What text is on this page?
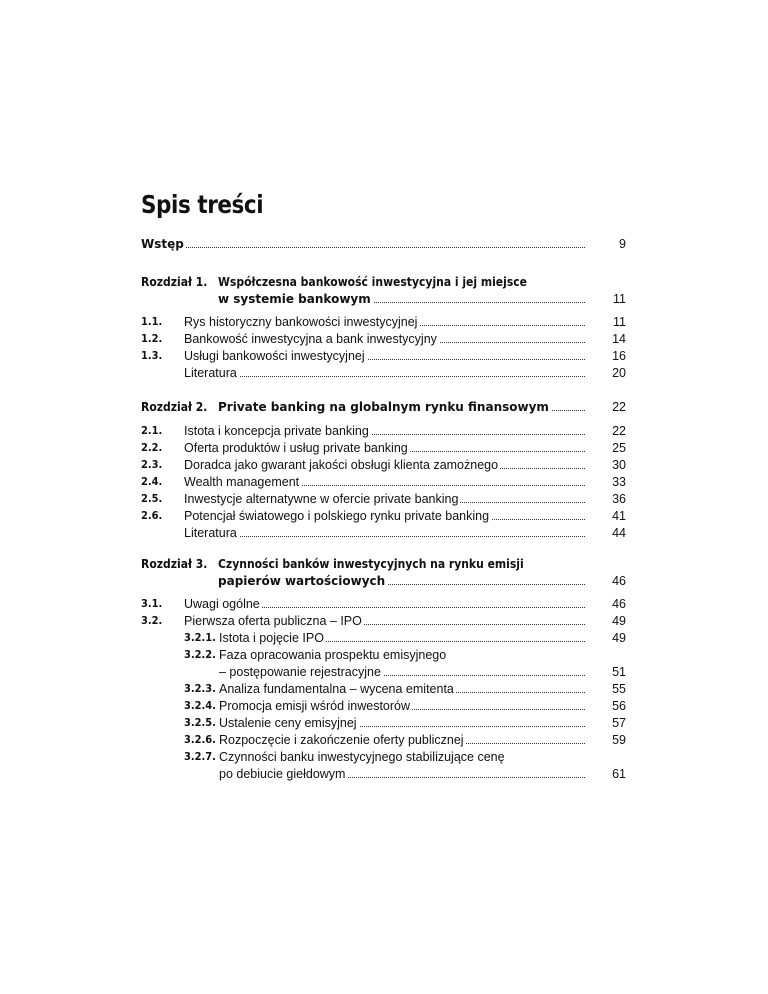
Spis treści
Wstęp	9
Rozdział 1. Współczesna bankowość inwestycyjna i jej miejsce
w systemie bankowym	11
1.1. Rys historyczny bankowości inwestycyjnej	11
1.2. Bankowość inwestycyjna a bank inwestycyjny	14
1.3. Usługi bankowości inwestycyjnej	16
Literatura	20
Rozdział 2. Private banking na globalnym rynku finansowym	22
2.1. Istota i koncepcja private banking	22
2.2. Oferta produktów i usług private banking	25
2.3. Doradca jako gwarant jakości obsługi klienta zamożnego	30
2.4. Wealth management	33
2.5. Inwestycje alternatywne w ofercie private banking	36
2.6. Potencjał światowego i polskiego rynku private banking	41
Literatura	44
Rozdział 3. Czynności banków inwestycyjnych na rynku emisji
papierów wartościowych	46
3.1. Uwagi ogólne	46
3.2. Pierwsza oferta publiczna – IPO	49
3.2.1. Istota i pojęcie IPO	49
3.2.2. Faza opracowania prospektu emisyjnego
– postępowanie rejestracyjne	51
3.2.3. Analiza fundamentalna – wycena emitenta	55
3.2.4. Promocja emisji wśród inwestorów	56
3.2.5. Ustalenie ceny emisyjnej	57
3.2.6. Rozpoczęcie i zakończenie oferty publicznej	59
3.2.7. Czynności banku inwestycyjnego stabilizujące cenę
po debiucie giełdowym	61
